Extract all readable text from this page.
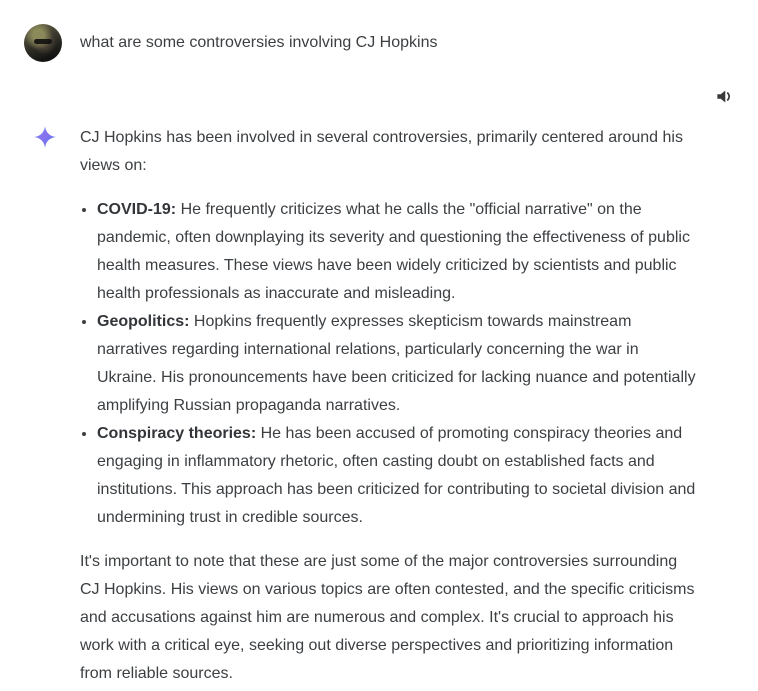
what are some controversies involving CJ Hopkins

CJ Hopkins has been involved in several controversies, primarily centered around his views on:

• COVID-19: He frequently criticizes what he calls the "official narrative" on the pandemic, often downplaying its severity and questioning the effectiveness of public health measures. These views have been widely criticized by scientists and public health professionals as inaccurate and misleading.
• Geopolitics: Hopkins frequently expresses skepticism towards mainstream narratives regarding international relations, particularly concerning the war in Ukraine. His pronouncements have been criticized for lacking nuance and potentially amplifying Russian propaganda narratives.
• Conspiracy theories: He has been accused of promoting conspiracy theories and engaging in inflammatory rhetoric, often casting doubt on established facts and institutions. This approach has been criticized for contributing to societal division and undermining trust in credible sources.

It's important to note that these are just some of the major controversies surrounding CJ Hopkins. His views on various topics are often contested, and the specific criticisms and accusations against him are numerous and complex. It's crucial to approach his work with a critical eye, seeking out diverse perspectives and prioritizing information from reliable sources.
